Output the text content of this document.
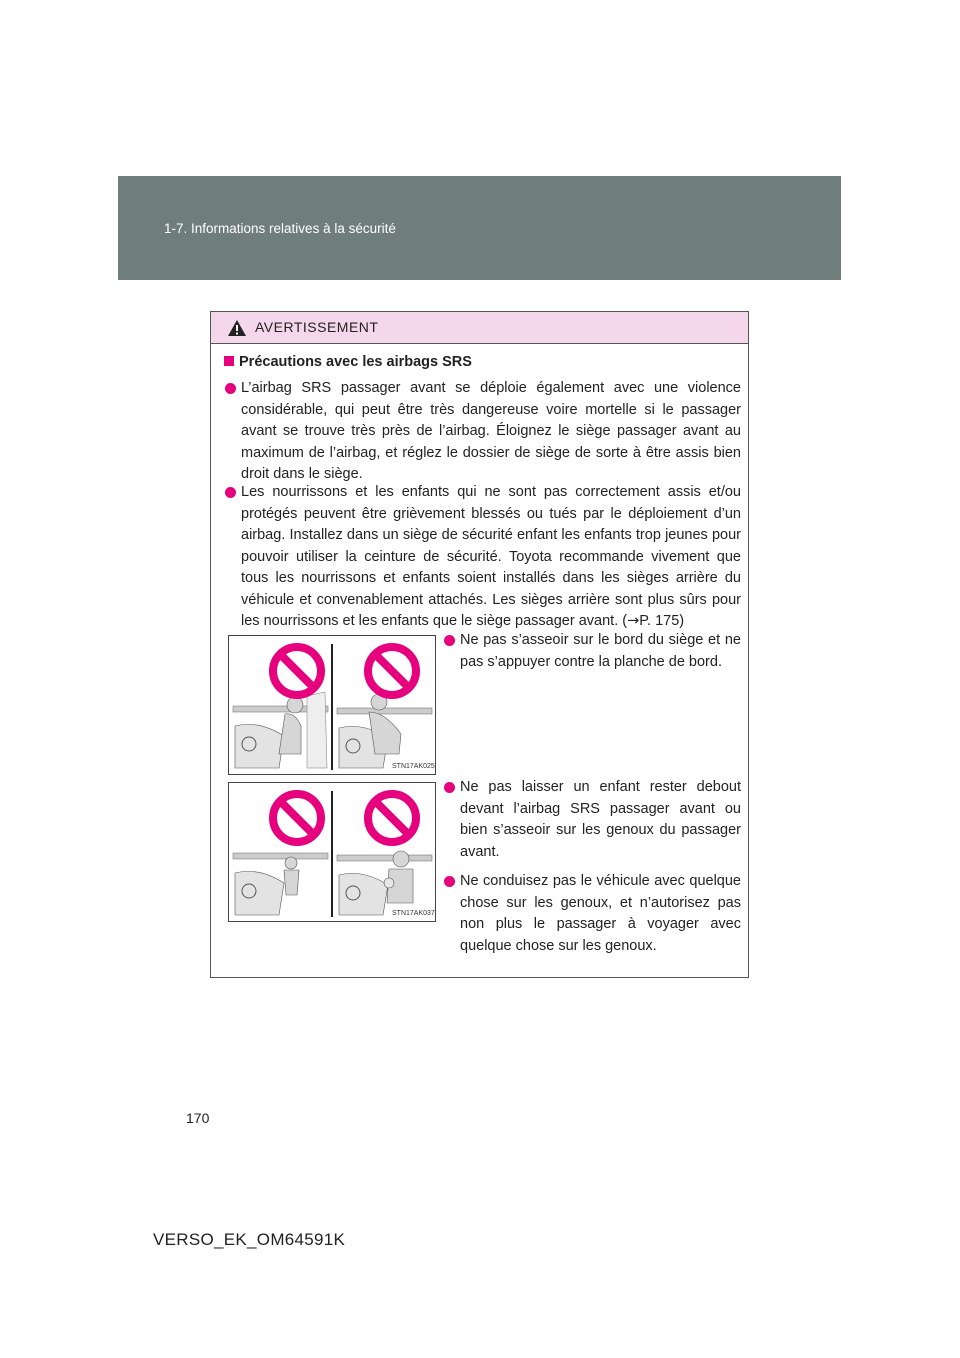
1-7. Informations relatives à la sécurité
AVERTISSEMENT
Précautions avec les airbags SRS
L’airbag SRS passager avant se déploie également avec une violence considérable, qui peut être très dangereuse voire mortelle si le passager avant se trouve très près de l’airbag. Éloignez le siège passager avant au maximum de l’airbag, et réglez le dossier de siège de sorte à être assis bien droit dans le siège.
Les nourrissons et les enfants qui ne sont pas correctement assis et/ou protégés peuvent être grièvement blessés ou tués par le déploiement d’un airbag. Installez dans un siège de sécurité enfant les enfants trop jeunes pour pouvoir utiliser la ceinture de sécurité. Toyota recommande vivement que tous les nourrissons et enfants soient installés dans les sièges arrière du véhicule et convenablement attachés. Les sièges arrière sont plus sûrs pour les nourrissons et les enfants que le siège passager avant. (→P. 175)
STN17AK025
STN17AK037
Ne pas s’asseoir sur le bord du siège et ne pas s’appuyer contre la planche de bord.
Ne pas laisser un enfant rester debout devant l’airbag SRS passager avant ou bien s’asseoir sur les genoux du passager avant.
Ne conduisez pas le véhicule avec quelque chose sur les genoux, et n’autorisez pas non plus le passager à voyager avec quelque chose sur les genoux.
170
VERSO_EK_OM64591K
